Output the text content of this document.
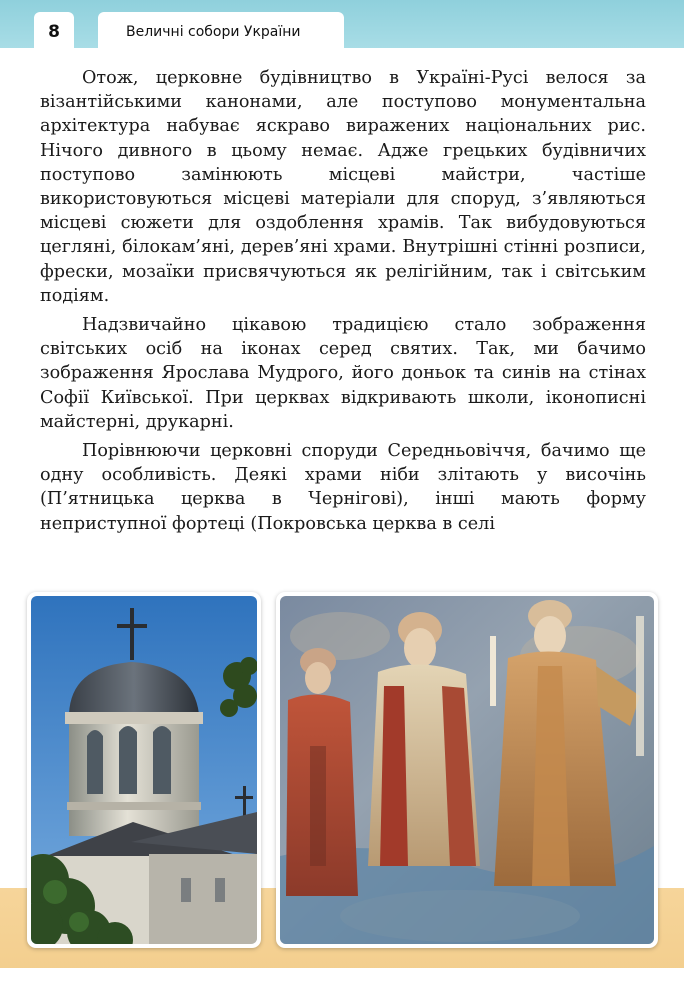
8	Величні собори України

Отож, церковне будівництво в Україні-Русі велося за візантійськими канонами, але поступово монументальна архітектура набуває яскраво виражених національних рис. Нічого дивного в цьому немає. Адже грецьких будівничих поступово замінюють місцеві майстри, частіше використовуються місцеві матеріали для споруд, з’являються місцеві сюжети для оздоблення храмів. Так вибудовуються цегляні, білокам’яні, дерев’яні храми. Внутрішні стінні розписи, фрески, мозаїки присвячуються як релігійним, так і світським подіям.

Надзвичайно цікавою традицією стало зображення світських осіб на іконах серед святих. Так, ми бачимо зображення Ярослава Мудрого, його доньок та синів на стінах Софії Київської. При церквах відкривають школи, іконописні майстерні, друкарні.

Порівнюючи церковні споруди Середньовіччя, бачимо ще одну особливість. Деякі храми ніби злітають у височінь (П’ятницька церква в Чернігові), інші мають форму неприступної фортеці (Покровська церква в селі
